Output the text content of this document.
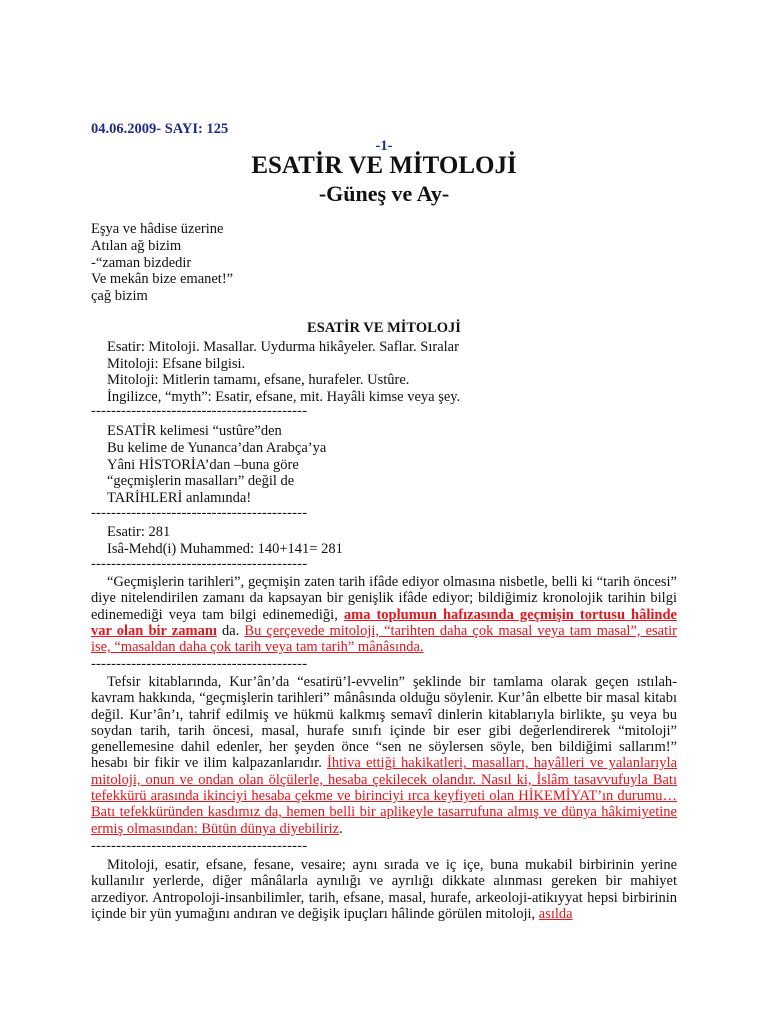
04.06.2009- SAYI: 125
-1-
ESATİR VE MİTOLOJİ
-Güneş ve Ay-
Eşya ve hâdise üzerine
Atılan ağ bizim
-“zaman bizdedir
Ve mekân bize emanet!”
çağ bizim
ESATİR VE MİTOLOJİ
Esatir: Mitoloji. Masallar. Uydurma hikâyeler. Saflar. Sıralar
Mitoloji: Efsane bilgisi.
Mitoloji: Mitlerin tamamı, efsane, hurafeler. Ustûre.
İngilizce, “myth”: Esatir, efsane, mit. Hayâli kimse veya şey.
-------------------------------------------
ESATİR kelimesi “ustûre”den
Bu kelime de Yunanca’dan Arabça’ya
Yâni HİSTORİA’dan –buna göre
“geçmişlerin masalları” değil de
TARİHLERİ anlamında!
-------------------------------------------
Esatir: 281
Isâ-Mehd(i) Muhammed: 140+141= 281
-------------------------------------------

“Geçmişlerin tarihleri”, geçmişin zaten tarih ifâde ediyor olmasına nisbetle, belli ki “tarih öncesi” diye nitelendirilen zamanı da kapsayan bir genişlik ifâde ediyor; bildiğimiz kronolojik tarihin bilgi edinemediği veya tam bilgi edinemediği, ama toplumun hafızasında geçmişin tortusu hâlinde var olan bir zamanı da. Bu çerçevede mitoloji, “tarihten daha çok masal veya tam masal”, esatir ise, “masaldan daha çok tarih veya tam tarih” mânâsında.

-------------------------------------------

Tefsir kitablarında, Kur’ân’da “esatirü’l-evvelin” şeklinde bir tamlama olarak geçen ıstılah-kavram hakkında, “geçmişlerin tarihleri” mânâsında olduğu söylenir. Kur’ân elbette bir masal kitabı değil. Kur’ân’ı, tahrif edilmiş ve hükmü kalkmış semavî dinlerin kitablarıyla birlikte, şu veya bu soydan tarih, tarih öncesi, masal, hurafe sınıfı içinde bir eser gibi değerlendirerek “mitoloji” genellemesine dahil edenler, her şeyden önce “sen ne söylersen söyle, ben bildiğimi sallarım!” hesabı bir fikir ve ilim kalpazanlarıdır. İhtiva ettiği hakikatleri, masalları, hayâlleri ve yalanlarıyla mitoloji, onun ve ondan olan ölçülerle, hesaba çekilecek olandır. Nasıl ki, İslâm tasavvufuyla Batı tefekkürü arasında ikinciyi hesaba çekme ve birinciyi ırca keyfiyeti olan HİKEMİYAT’ın durumu… Batı tefekküründen kasdımız da, hemen belli bir aplikeyle tasarrufuna almış ve dünya hâkimiyetine ermiş olmasından: Bütün dünya diyebiliriz.

-------------------------------------------

Mitoloji, esatir, efsane, fesane, vesaire; aynı sırada ve iç içe, buna mukabil birbirinin yerine kullanılır yerlerde, diğer mânâlarla aynılığı ve ayrılığı dikkate alınması gereken bir mahiyet arzediyor. Antropoloji-insanbilimler, tarih, efsane, masal, hurafe, arkeoloji-atikıyyat hepsi birbirinin içinde bir yün yumağını andıran ve değişik ipuçları hâlinde görülen mitoloji, asılda
